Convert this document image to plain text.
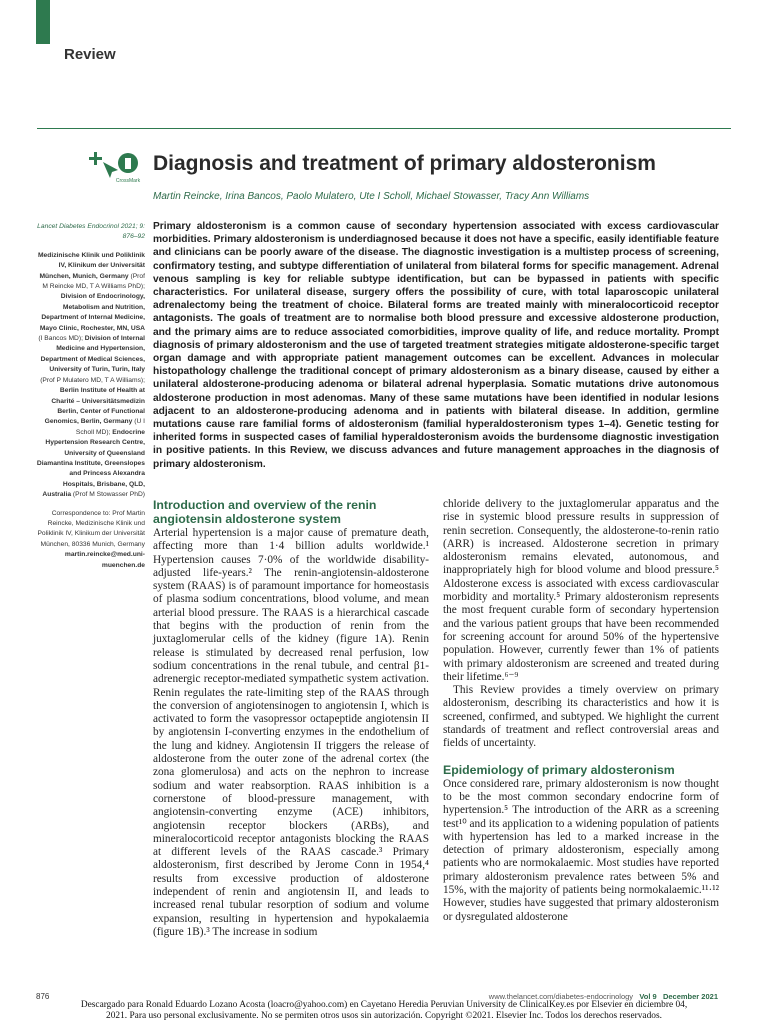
Review
CrossMark
Diagnosis and treatment of primary aldosteronism
Martin Reincke, Irina Bancos, Paolo Mulatero, Ute I Scholl, Michael Stowasser, Tracy Ann Williams

Lancet Diabetes Endocrinol 2021; 9: 876–92

Medizinische Klinik und Poliklinik IV, Klinikum der Universität München, Munich, Germany (Prof M Reincke MD, T A Williams PhD); Division of Endocrinology, Metabolism and Nutrition, Department of Internal Medicine, Mayo Clinic, Rochester, MN, USA (I Bancos MD); Division of Internal Medicine and Hypertension, Department of Medical Sciences, University of Turin, Turin, Italy (Prof P Mulatero MD, T A Williams); Berlin Institute of Health at Charité – Universitätsmedizin Berlin, Center of Functional Genomics, Berlin, Germany (U I Scholl MD); Endocrine Hypertension Research Centre, University of Queensland Diamantina Institute, Greenslopes and Princess Alexandra Hospitals, Brisbane, QLD, Australia (Prof M Stowasser PhD)

Correspondence to: Prof Martin Reincke, Medizinische Klinik und Poliklinik IV, Klinikum der Universität München, 80336 Munich, Germany

martin.reincke@med.uni-muenchen.de

Primary aldosteronism is a common cause of secondary hypertension associated with excess cardiovascular morbidities. Primary aldosteronism is underdiagnosed because it does not have a specific, easily identifiable feature and clinicians can be poorly aware of the disease. The diagnostic investigation is a multistep process of screening, confirmatory testing, and subtype differentiation of unilateral from bilateral forms for specific management. Adrenal venous sampling is key for reliable subtype identification, but can be bypassed in patients with specific characteristics. For unilateral disease, surgery offers the possibility of cure, with total laparoscopic unilateral adrenalectomy being the treatment of choice. Bilateral forms are treated mainly with mineralocorticoid receptor antagonists. The goals of treatment are to normalise both blood pressure and excessive aldosterone production, and the primary aims are to reduce associated comorbidities, improve quality of life, and reduce mortality. Prompt diagnosis of primary aldosteronism and the use of targeted treatment strategies mitigate aldosterone-specific target organ damage and with appropriate patient management outcomes can be excellent. Advances in molecular histopathology challenge the traditional concept of primary aldosteronism as a binary disease, caused by either a unilateral aldosterone-producing adenoma or bilateral adrenal hyperplasia. Somatic mutations drive autonomous aldosterone production in most adenomas. Many of these same mutations have been identified in nodular lesions adjacent to an aldosterone-producing adenoma and in patients with bilateral disease. In addition, germline mutations cause rare familial forms of aldosteronism (familial hyperaldosteronism types 1–4). Genetic testing for inherited forms in suspected cases of familial hyperaldosteronism avoids the burdensome diagnostic investigation in positive patients. In this Review, we discuss advances and future management approaches in the diagnosis of primary aldosteronism.
Introduction and overview of the renin angiotensin aldosterone system

Arterial hypertension is a major cause of premature death, affecting more than 1·4 billion adults worldwide.¹ Hypertension causes 7·0% of the worldwide disability-adjusted life-years.² The renin-angiotensin-aldosterone system (RAAS) is of paramount importance for homeostasis of plasma sodium concentrations, blood volume, and mean arterial blood pressure. The RAAS is a hierarchical cascade that begins with the production of renin from the juxtaglomerular cells of the kidney (figure 1A). Renin release is stimulated by decreased renal perfusion, low sodium concentrations in the renal tubule, and central β1-adrenergic receptor-mediated sympathetic system activation. Renin regulates the rate-limiting step of the RAAS through the conversion of angiotensinogen to angiotensin I, which is activated to form the vasopressor octapeptide angiotensin II by angiotensin I-converting enzymes in the endothelium of the lung and kidney. Angiotensin II triggers the release of aldosterone from the outer zone of the adrenal cortex (the zona glomerulosa) and acts on the nephron to increase sodium and water reabsorption. RAAS inhibition is a cornerstone of blood-pressure management, with angiotensin-converting enzyme (ACE) inhibitors, angiotensin receptor blockers (ARBs), and mineralocorticoid receptor antagonists blocking the RAAS at different levels of the RAAS cascade.³ Primary aldosteronism, first described by Jerome Conn in 1954,⁴ results from excessive production of aldosterone independent of renin and angiotensin II, and leads to increased renal tubular resorption of sodium and volume expansion, resulting in hypertension and hypokalaemia (figure 1B).³ The increase in sodium

chloride delivery to the juxtaglomerular apparatus and the rise in systemic blood pressure results in suppression of renin secretion. Consequently, the aldosterone-to-renin ratio (ARR) is increased. Aldosterone secretion in primary aldosteronism remains elevated, autonomous, and inappropriately high for blood volume and blood pressure.⁵ Aldosterone excess is associated with excess cardiovascular morbidity and mortality.⁵ Primary aldosteronism represents the most frequent curable form of secondary hypertension and the various patient groups that have been recommended for screening account for around 50% of the hypertensive population. However, currently fewer than 1% of patients with primary aldosteronism are screened and treated during their lifetime.⁶⁻⁹

This Review provides a timely overview on primary aldosteronism, describing its characteristics and how it is screened, confirmed, and subtyped. We highlight the current standards of treatment and reflect controversial areas and fields of uncertainty.

Epidemiology of primary aldosteronism

Once considered rare, primary aldosteronism is now thought to be the most common secondary endocrine form of hypertension.⁵ The introduction of the ARR as a screening test¹⁰ and its application to a widening population of patients with hypertension has led to a marked increase in the detection of primary aldosteronism, especially among patients who are normokalaemic. Most studies have reported primary aldosteronism prevalence rates between 5% and 15%, with the majority of patients being normokalaemic.¹¹·¹² However, studies have suggested that primary aldosteronism or dysregulated aldosterone

876	www.thelancet.com/diabetes-endocrinology Vol 9 December 2021
Descargado para Ronald Eduardo Lozano Acosta (loacro@yahoo.com) en Cayetano Heredia Peruvian University de ClinicalKey.es por Elsevier en diciembre 04,
2021. Para uso personal exclusivamente. No se permiten otros usos sin autorización. Copyright ©2021. Elsevier Inc. Todos los derechos reservados.
